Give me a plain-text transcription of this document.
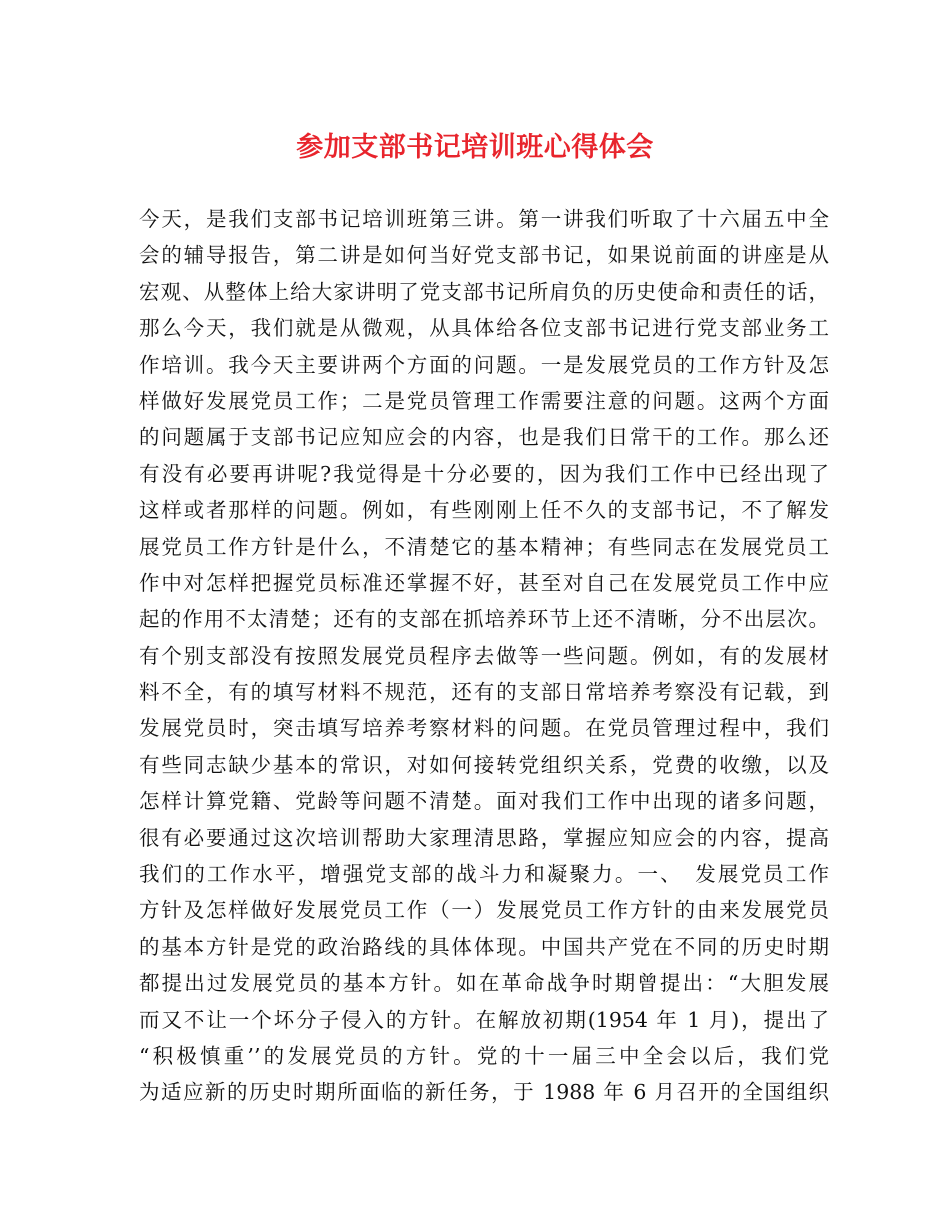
参加支部书记培训班心得体会
今天，是我们支部书记培训班第三讲。第一讲我们听取了十六届五中全
会的辅导报告，第二讲是如何当好党支部书记，如果说前面的讲座是从
宏观、从整体上给大家讲明了党支部书记所肩负的历史使命和责任的话，
那么今天，我们就是从微观，从具体给各位支部书记进行党支部业务工
作培训。我今天主要讲两个方面的问题。一是发展党员的工作方针及怎
样做好发展党员工作；二是党员管理工作需要注意的问题。这两个方面
的问题属于支部书记应知应会的内容，也是我们日常干的工作。那么还
有没有必要再讲呢?我觉得是十分必要的，因为我们工作中已经出现了
这样或者那样的问题。例如，有些刚刚上任不久的支部书记，不了解发
展党员工作方针是什么，不清楚它的基本精神；有些同志在发展党员工
作中对怎样把握党员标准还掌握不好，甚至对自己在发展党员工作中应
起的作用不太清楚；还有的支部在抓培养环节上还不清晰，分不出层次。
有个别支部没有按照发展党员程序去做等一些问题。例如，有的发展材
料不全，有的填写材料不规范，还有的支部日常培养考察没有记载，到
发展党员时，突击填写培养考察材料的问题。在党员管理过程中，我们
有些同志缺少基本的常识，对如何接转党组织关系，党费的收缴，以及
怎样计算党籍、党龄等问题不清楚。面对我们工作中出现的诸多问题，
很有必要通过这次培训帮助大家理清思路，掌握应知应会的内容，提高
我们的工作水平，增强党支部的战斗力和凝聚力。一、　发展党员工作
方针及怎样做好发展党员工作（一）发展党员工作方针的由来发展党员
的基本方针是党的政治路线的具体体现。中国共产党在不同的历史时期
都提出过发展党员的基本方针。如在革命战争时期曾提出：“大胆发展
而又不让一个坏分子侵入的方针。在解放初期(1954 年 1 月)，提出了
“积极慎重’’的发展党员的方针。党的十一届三中全会以后，我们党
为适应新的历史时期所面临的新任务，于 1988 年 6 月召开的全国组织
